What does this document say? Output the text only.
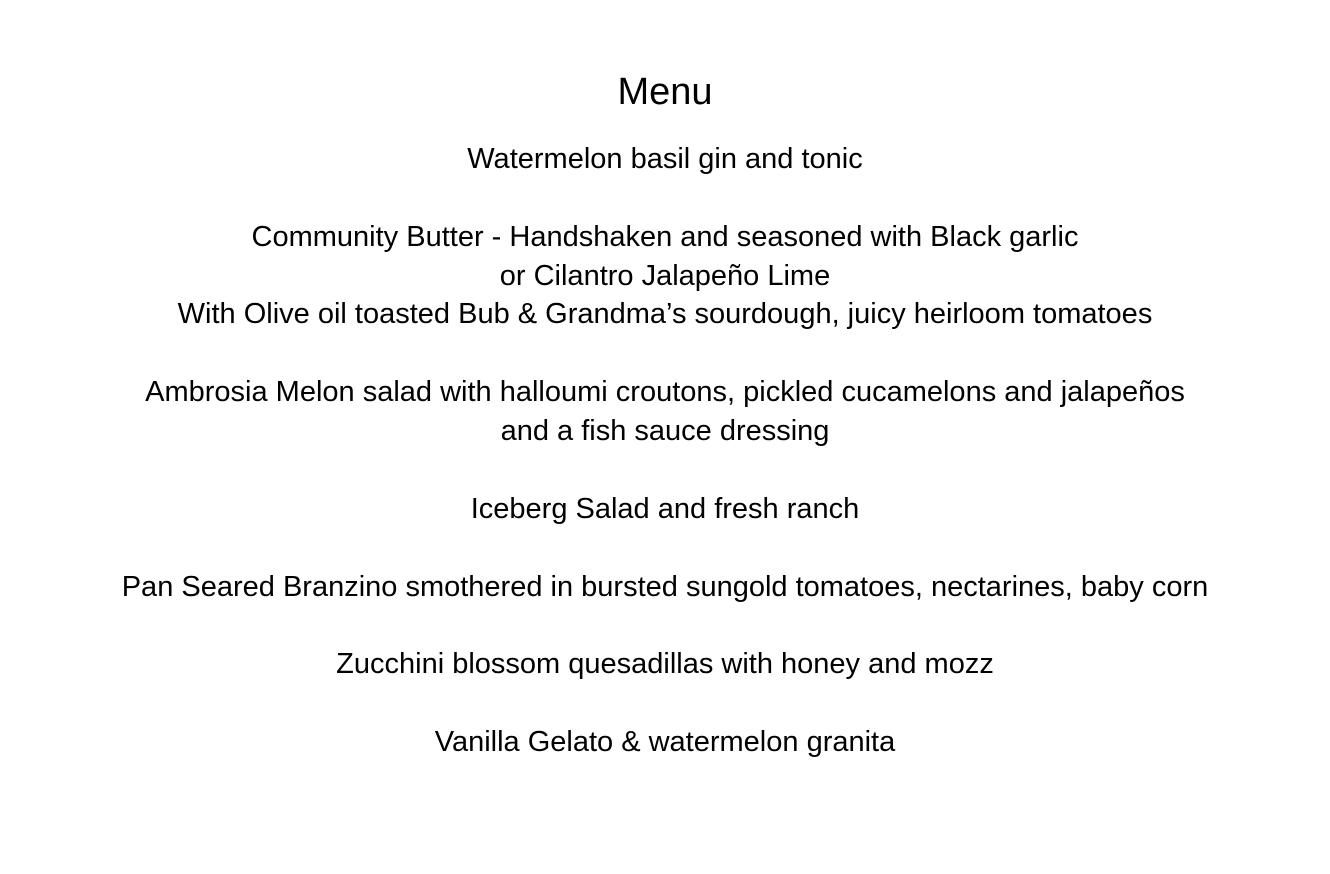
Menu
Watermelon basil gin and tonic
Community Butter - Handshaken and seasoned with Black garlic
or Cilantro Jalapeño Lime
With Olive oil toasted Bub & Grandma’s sourdough, juicy heirloom tomatoes
Ambrosia Melon salad with halloumi croutons, pickled cucamelons and jalapeños
and a fish sauce dressing
Iceberg Salad and fresh ranch
Pan Seared Branzino smothered in bursted sungold tomatoes, nectarines, baby corn
Zucchini blossom quesadillas with honey and mozz
Vanilla Gelato & watermelon granita
